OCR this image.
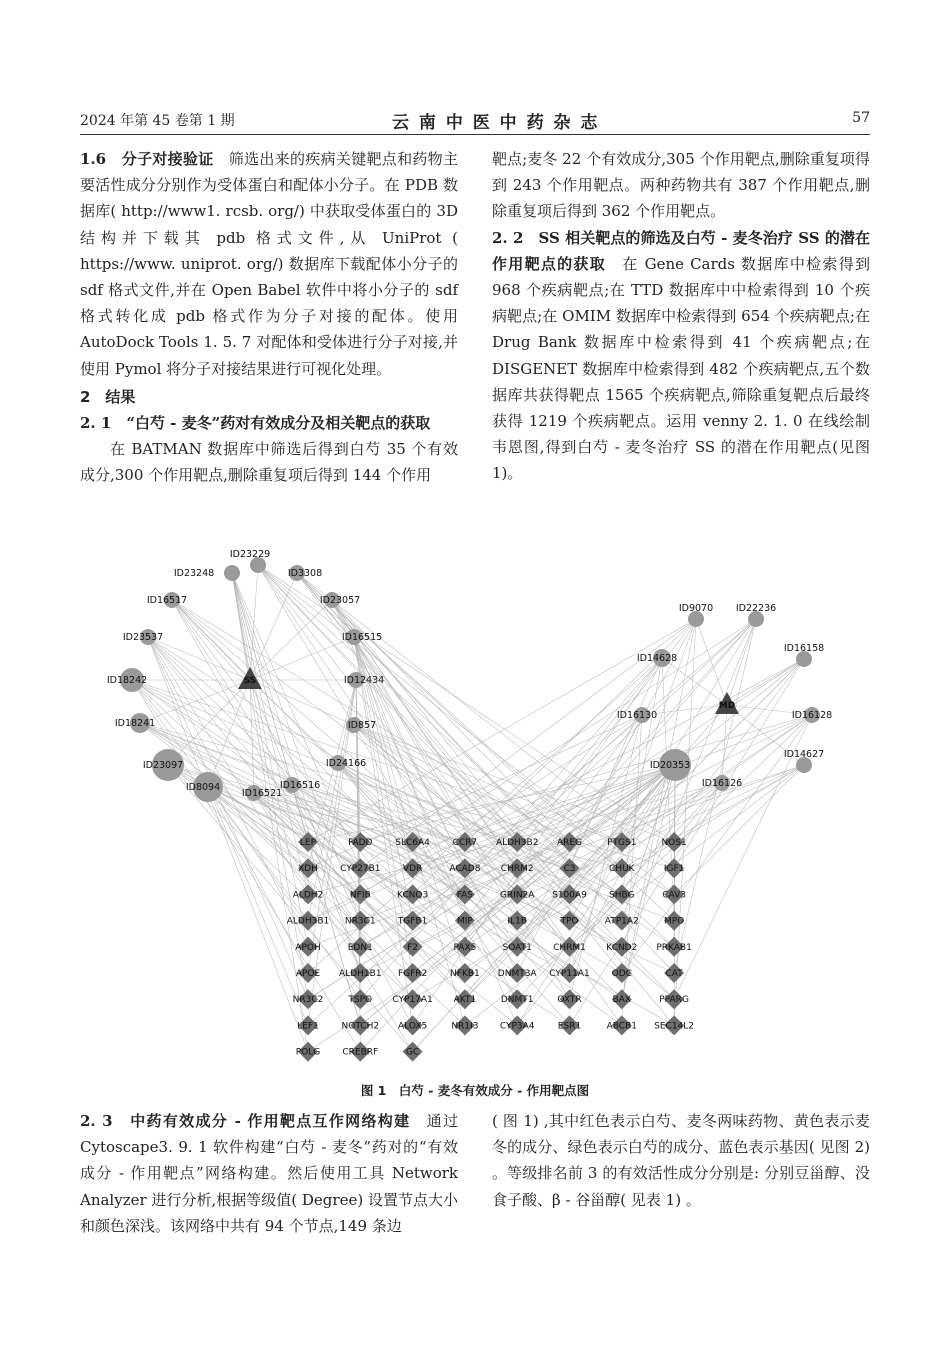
2024 年第 45 卷第 1 期	云 南 中 医 中 药 杂 志	57

1.6　分子对接验证　筛选出来的疾病关键靶点和药物主要活性成分分别作为受体蛋白和配体小分子。在 PDB 数据库( http://www1. rcsb. org/) 中获取受体蛋白的 3D 结构并下载其 pdb 格式文件,从 UniProt ( https://www. uniprot. org/) 数据库下载配体小分子的 sdf 格式文件,并在 Open Babel 软件中将小分子的 sdf 格式转化成 pdb 格式作为分子对接的配体。使用 AutoDock Tools 1. 5. 7 对配体和受体进行分子对接,并使用 Pymol 将分子对接结果进行可视化处理。

2　结果

2. 1　“白芍 - 麦冬”药对有效成分及相关靶点的获取

在 BATMAN 数据库中筛选后得到白芍 35 个有效成分,300 个作用靶点,删除重复项后得到 144 个作用

靶点;麦冬 22 个有效成分,305 个作用靶点,删除重复项得到 243 个作用靶点。两种药物共有 387 个作用靶点,删除重复项后得到 362 个作用靶点。

2. 2　SS 相关靶点的筛选及白芍 - 麦冬治疗 SS 的潜在作用靶点的获取　在 Gene Cards 数据库中检索得到 968 个疾病靶点;在 TTD 数据库中中检索得到 10 个疾病靶点;在 OMIM 数据库中检索得到 654 个疾病靶点;在 Drug Bank 数据库中检索得到 41 个疾病靶点;在 DISGENET 数据库中检索得到 482 个疾病靶点,五个数据库共获得靶点 1565 个疾病靶点,筛除重复靶点后最终获得 1219 个疾病靶点。运用 venny 2. 1. 0 在线绘制韦恩图,得到白芍 - 麦冬治疗 SS 的潜在作用靶点(见图 1)。

ID23248
ID23229
ID3308
ID16517	ID23057
ID23537	ID16515
ID18242	ID12434
ID18241	ID857
ID23097	ID24166
ID8094
ID16521
ID16516
ID9070 ID22236
ID14628
ID16158
ID16130	ID16128
ID20353
ID14627
ID16126
SS
MD
LEP	FADD	SLC6A4	CCR7 ALDH3B2 AREG	PTGS1	NOS1
XDH CYP27B1 VDR	ACAD8 CHRM2	C3	CHUK	IGF1
ALDH2	NFIB	KCNQ3	FAS	GRIN2A S100A9 SHBG	CAV3
ALDH3B1 NR3C1 TGFB1	MIP	IL1B	TPO	ATP1A2	MPO
APOH	EDN1	F2	PAX5	SOAT1 CHRM1 KCND2 PRKAB1
APOE ALDH1B1 FGFR2	NFKB1 DNMT3A CYP11A1 ODC	CAT
NR3C2	TSPO CYP17A1 AKT1	DNMT1	OXTR	BAX	PPARG
LEF1	NOTCH2 ALOX5	NR1I3 CYP3A4	ESR1	ABCB1 SEC14L2
POLG CREBRF	GC
图 1　白芍 - 麦冬有效成分 - 作用靶点图

2. 3　中药有效成分 - 作用靶点互作网络构建　通过 Cytoscape3. 9. 1 软件构建“白芍 - 麦冬”药对的“有效成分 - 作用靶点”网络构建。然后使用工具 Network Analyzer 进行分析,根据等级值( Degree) 设置节点大小和颜色深浅。该网络中共有 94 个节点,149 条边

( 图 1) ,其中红色表示白芍、麦冬两味药物、黄色表示麦冬的成分、绿色表示白芍的成分、蓝色表示基因( 见图 2) 。等级排名前 3 的有效活性成分分别是: 分别豆甾醇、没食子酸、β - 谷甾醇( 见表 1) 。
